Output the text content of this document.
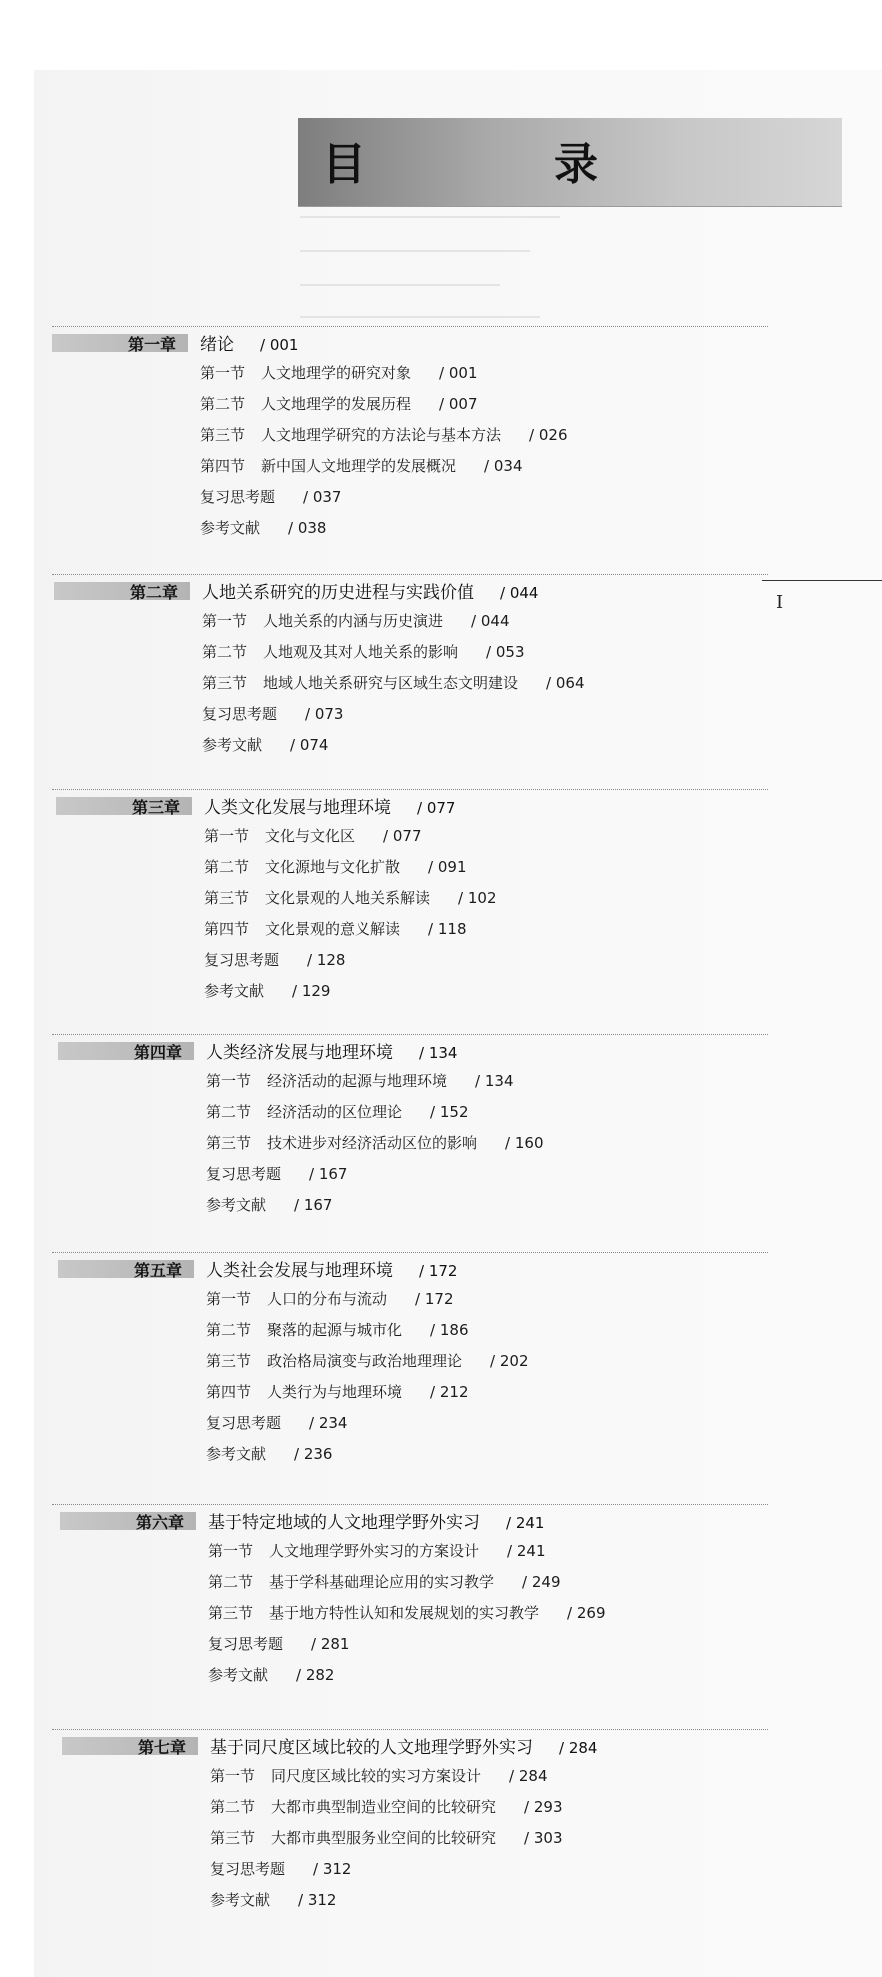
目　录
I
第一章 绪论 / 001
第一节 人文地理学的研究对象 / 001
第二节 人文地理学的发展历程 / 007
第三节 人文地理学研究的方法论与基本方法 / 026
第四节 新中国人文地理学的发展概况 / 034
复习思考题 / 037
参考文献 / 038
第二章 人地关系研究的历史进程与实践价值 / 044
第一节 人地关系的内涵与历史演进 / 044
第二节 人地观及其对人地关系的影响 / 053
第三节 地域人地关系研究与区域生态文明建设 / 064
复习思考题 / 073
参考文献 / 074
第三章 人类文化发展与地理环境 / 077
第一节 文化与文化区 / 077
第二节 文化源地与文化扩散 / 091
第三节 文化景观的人地关系解读 / 102
第四节 文化景观的意义解读 / 118
复习思考题 / 128
参考文献 / 129
第四章 人类经济发展与地理环境 / 134
第一节 经济活动的起源与地理环境 / 134
第二节 经济活动的区位理论 / 152
第三节 技术进步对经济活动区位的影响 / 160
复习思考题 / 167
参考文献 / 167
第五章 人类社会发展与地理环境 / 172
第一节 人口的分布与流动 / 172
第二节 聚落的起源与城市化 / 186
第三节 政治格局演变与政治地理理论 / 202
第四节 人类行为与地理环境 / 212
复习思考题 / 234
参考文献 / 236
第六章 基于特定地域的人文地理学野外实习 / 241
第一节 人文地理学野外实习的方案设计 / 241
第二节 基于学科基础理论应用的实习教学 / 249
第三节 基于地方特性认知和发展规划的实习教学 / 269
复习思考题 / 281
参考文献 / 282
第七章 基于同尺度区域比较的人文地理学野外实习 / 284
第一节 同尺度区域比较的实习方案设计 / 284
第二节 大都市典型制造业空间的比较研究 / 293
第三节 大都市典型服务业空间的比较研究 / 303
复习思考题 / 312
参考文献 / 312
